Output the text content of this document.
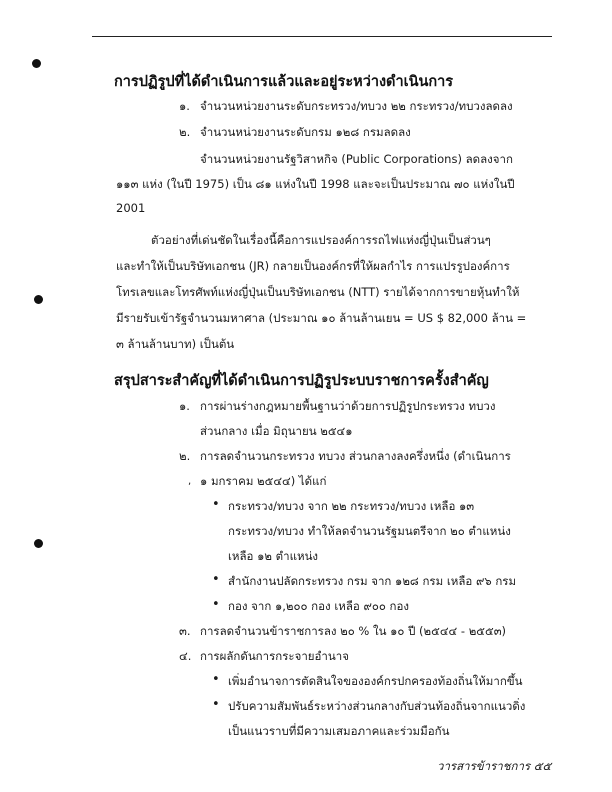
การปฏิรูปที่ได้ดำเนินการแล้วและอยู่ระหว่างดำเนินการ
๑. จำนวนหน่วยงานระดับกระทรวง/ทบวง ๒๒ กระทรวง/ทบวงลดลง
๒. จำนวนหน่วยงานระดับกรม ๑๒๘ กรมลดลง
จำนวนหน่วยงานรัฐวิสาหกิจ (Public Corporations) ลดลงจาก
๑๑๓ แห่ง (ในปี 1975) เป็น ๘๑ แห่งในปี 1998 และจะเป็นประมาณ ๗๐ แห่งในปี
2001
ตัวอย่างที่เด่นชัดในเรื่องนี้คือการแปรองค์การรถไฟแห่งญี่ปุ่นเป็นส่วนๆ
และทำให้เป็นบริษัทเอกชน (JR) กลายเป็นองค์กรที่ให้ผลกำไร การแปรรูปองค์การ
โทรเลขและโทรศัพท์แห่งญี่ปุ่นเป็นบริษัทเอกชน (NTT) รายได้จากการขายหุ้นทำให้
มีรายรับเข้ารัฐจำนวนมหาศาล (ประมาณ ๑๐ ล้านล้านเยน = US $ 82,000 ล้าน =
๓ ล้านล้านบาท) เป็นต้น
สรุปสาระสำคัญที่ได้ดำเนินการปฏิรูประบบราชการครั้งสำคัญ
๑. การผ่านร่างกฎหมายพื้นฐานว่าด้วยการปฏิรูปกระทรวง ทบวง
ส่วนกลาง เมื่อ มิถุนายน ๒๕๔๑
๒. การลดจำนวนกระทรวง ทบวง ส่วนกลางลงครึ่งหนึ่ง (ดำเนินการ
๑ มกราคม ๒๕๔๔) ได้แก่
,
• กระทรวง/ทบวง จาก ๒๒ กระทรวง/ทบวง เหลือ ๑๓
กระทรวง/ทบวง ทำให้ลดจำนวนรัฐมนตรีจาก ๒๐ ตำแหน่ง
เหลือ ๑๒ ตำแหน่ง
• สำนักงานปลัดกระทรวง กรม จาก ๑๒๘ กรม เหลือ ๙๖ กรม
• กอง จาก ๑,๒๐๐ กอง เหลือ ๙๐๐ กอง
๓. การลดจำนวนข้าราชการลง ๒๐ % ใน ๑๐ ปี (๒๕๔๔ - ๒๕๕๓)
๔. การผลักดันการกระจายอำนาจ
• เพิ่มอำนาจการตัดสินใจขององค์กรปกครองท้องถิ่นให้มากขึ้น
• ปรับความสัมพันธ์ระหว่างส่วนกลางกับส่วนท้องถิ่นจากแนวดิ่ง
เป็นแนวราบที่มีความเสมอภาคและร่วมมือกัน
วารสารข้าราชการ ๕๕
